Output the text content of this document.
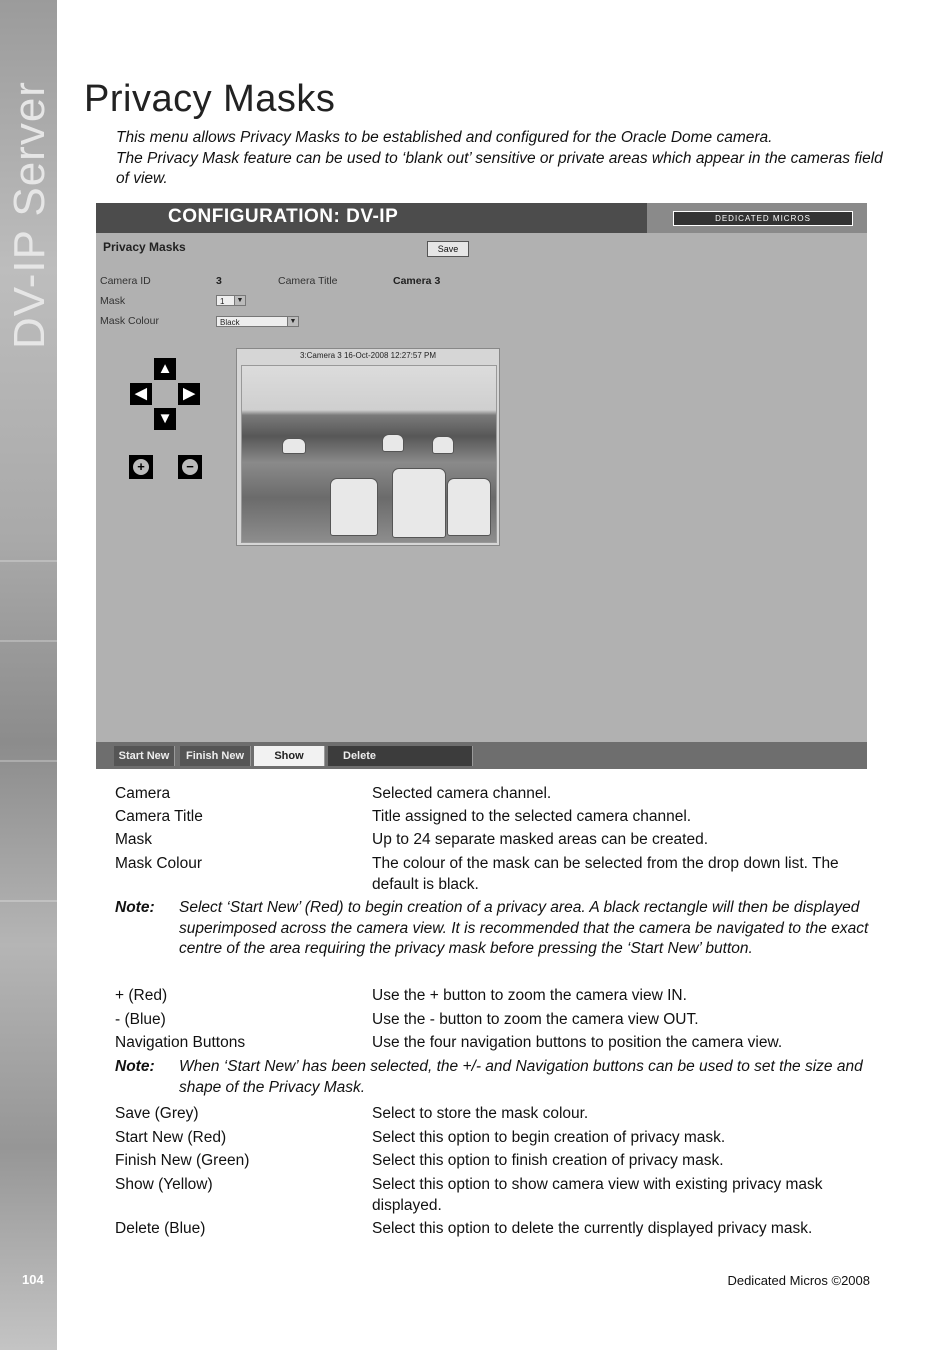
DV-IP Server
104
Privacy Masks

This menu allows Privacy Masks to be established and configured for the Oracle Dome camera.

The Privacy Mask feature can be used to ‘blank out’ sensitive or private areas which appear in the cameras field of view.

CONFIGURATION: DV-IP	DEDICATED MICROS
Privacy Masks	Save
Camera ID	3	Camera Title	Camera 3
Mask	1	▼
Mask Colour	Black	▼
▲
◀	▶
▼
+	−
3:Camera 3 16-Oct-2008 12:27:57 PM
Start New	Finish New	Show	Delete
Camera	Selected camera channel.
Camera Title	Title assigned to the selected camera channel.
Mask	Up to 24 separate masked areas can be created.
Mask Colour	The colour of the mask can be selected from the drop down list. The default is black.
Note: Select ‘Start New’ (Red) to begin creation of a privacy area. A black rectangle will then be displayed superimposed across the camera view. It is recommended that the camera be navigated to the exact centre of the area requiring the privacy mask before pressing the ‘Start New’ button.
+ (Red)	Use the + button to zoom the camera view IN.
- (Blue)	Use the - button to zoom the camera view OUT.
Navigation Buttons	Use the four navigation buttons to position the camera view.
Note: When ‘Start New’ has been selected, the +/- and Navigation buttons can be used to set the size and shape of the Privacy Mask.
Save (Grey)	Select to store the mask colour.
Start New (Red)	Select this option to begin creation of privacy mask.
Finish New (Green)	Select this option to finish creation of privacy mask.
Show (Yellow)	Select this option to show camera view with existing privacy mask displayed.
Delete (Blue)	Select this option to delete the currently displayed privacy mask.
Dedicated Micros ©2008
